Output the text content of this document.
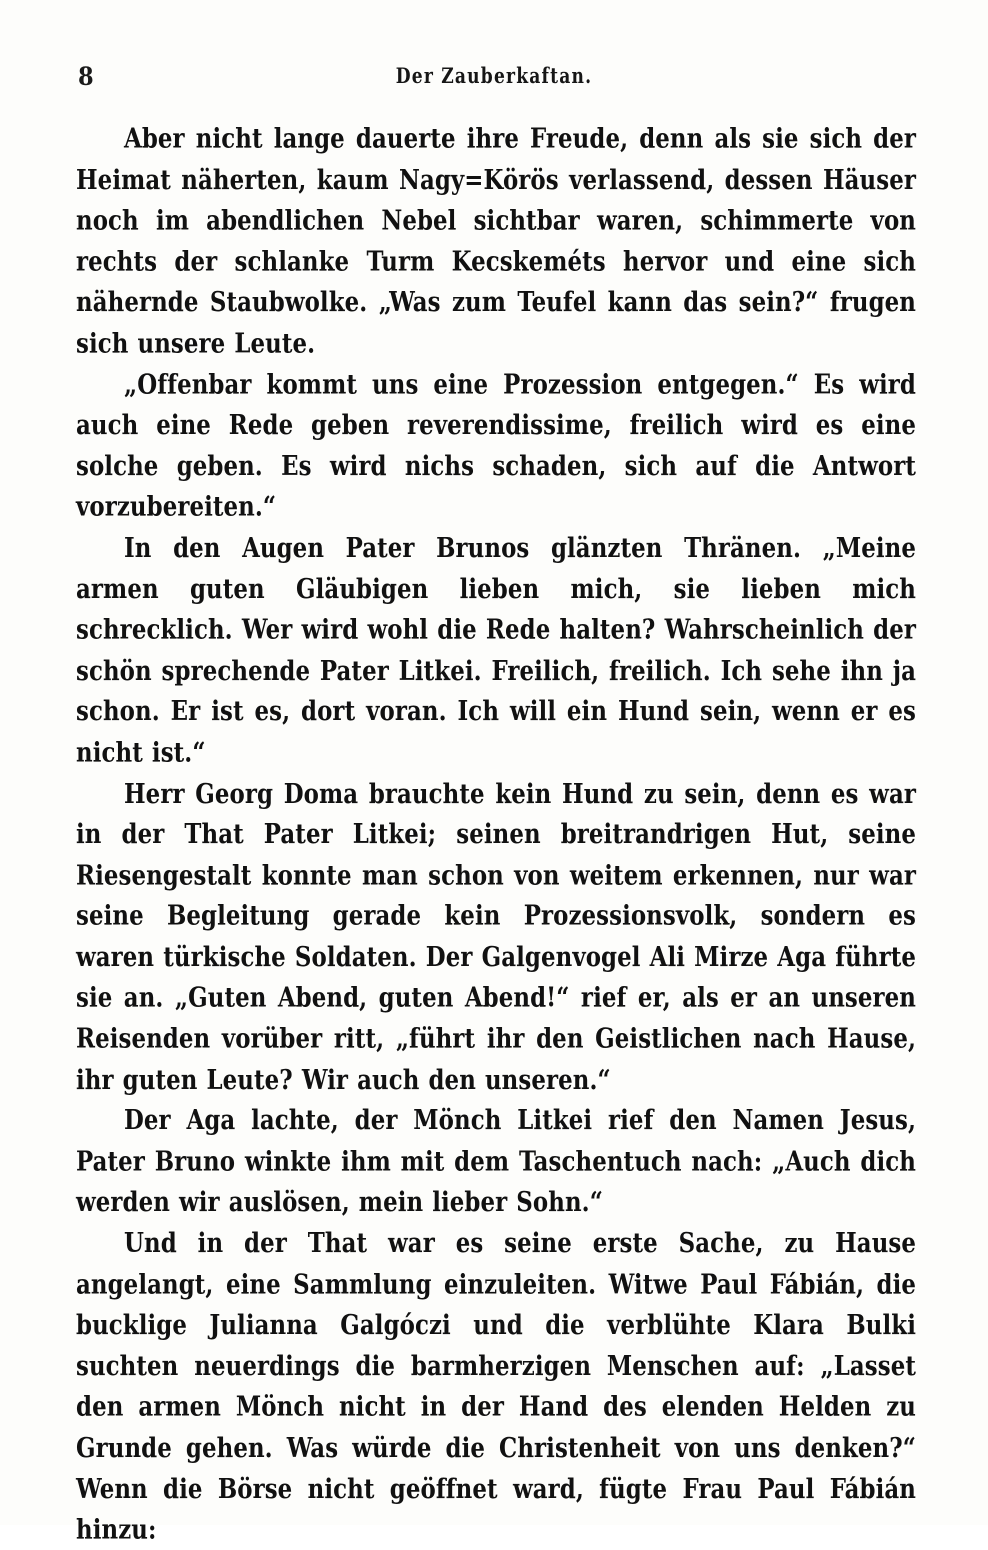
8	Der Zauberkaftan.

Aber nicht lange dauerte ihre Freude, denn als sie sich der Heimat näherten, kaum Nagy=Körös verlassend, dessen Häuser noch im abendlichen Nebel sichtbar waren, schimmerte von rechts der schlanke Turm Kecskeméts hervor und eine sich nähernde Staubwolke. „Was zum Teufel kann das sein?“ frugen sich unsere Leute.

„Offenbar kommt uns eine Prozession entgegen.“ Es wird auch eine Rede geben reverendissime, freilich wird es eine solche geben. Es wird nichs schaden, sich auf die Antwort vorzubereiten.“

In den Augen Pater Brunos glänzten Thränen. „Meine armen guten Gläubigen lieben mich, sie lieben mich schrecklich. Wer wird wohl die Rede halten? Wahrscheinlich der schön sprechende Pater Litkei. Freilich, freilich. Ich sehe ihn ja schon. Er ist es, dort voran. Ich will ein Hund sein, wenn er es nicht ist.“

Herr Georg Doma brauchte kein Hund zu sein, denn es war in der That Pater Litkei; seinen breitrandrigen Hut, seine Riesengestalt konnte man schon von weitem erkennen, nur war seine Begleitung gerade kein Prozessionsvolk, sondern es waren türkische Soldaten. Der Galgenvogel Ali Mirze Aga führte sie an. „Guten Abend, guten Abend!“ rief er, als er an unseren Reisenden vorüber ritt, „führt ihr den Geistlichen nach Hause, ihr guten Leute? Wir auch den unseren.“

Der Aga lachte, der Mönch Litkei rief den Namen Jesus, Pater Bruno winkte ihm mit dem Taschentuch nach: „Auch dich werden wir auslösen, mein lieber Sohn.“

Und in der That war es seine erste Sache, zu Hause angelangt, eine Sammlung einzuleiten. Witwe Paul Fábián, die bucklige Julianna Galgóczi und die verblühte Klara Bulki suchten neuerdings die barmherzigen Menschen auf: „Lasset den armen Mönch nicht in der Hand des elenden Helden zu Grunde gehen. Was würde die Christenheit von uns denken?“ Wenn die Börse nicht geöffnet ward, fügte Frau Paul Fábián hinzu:
